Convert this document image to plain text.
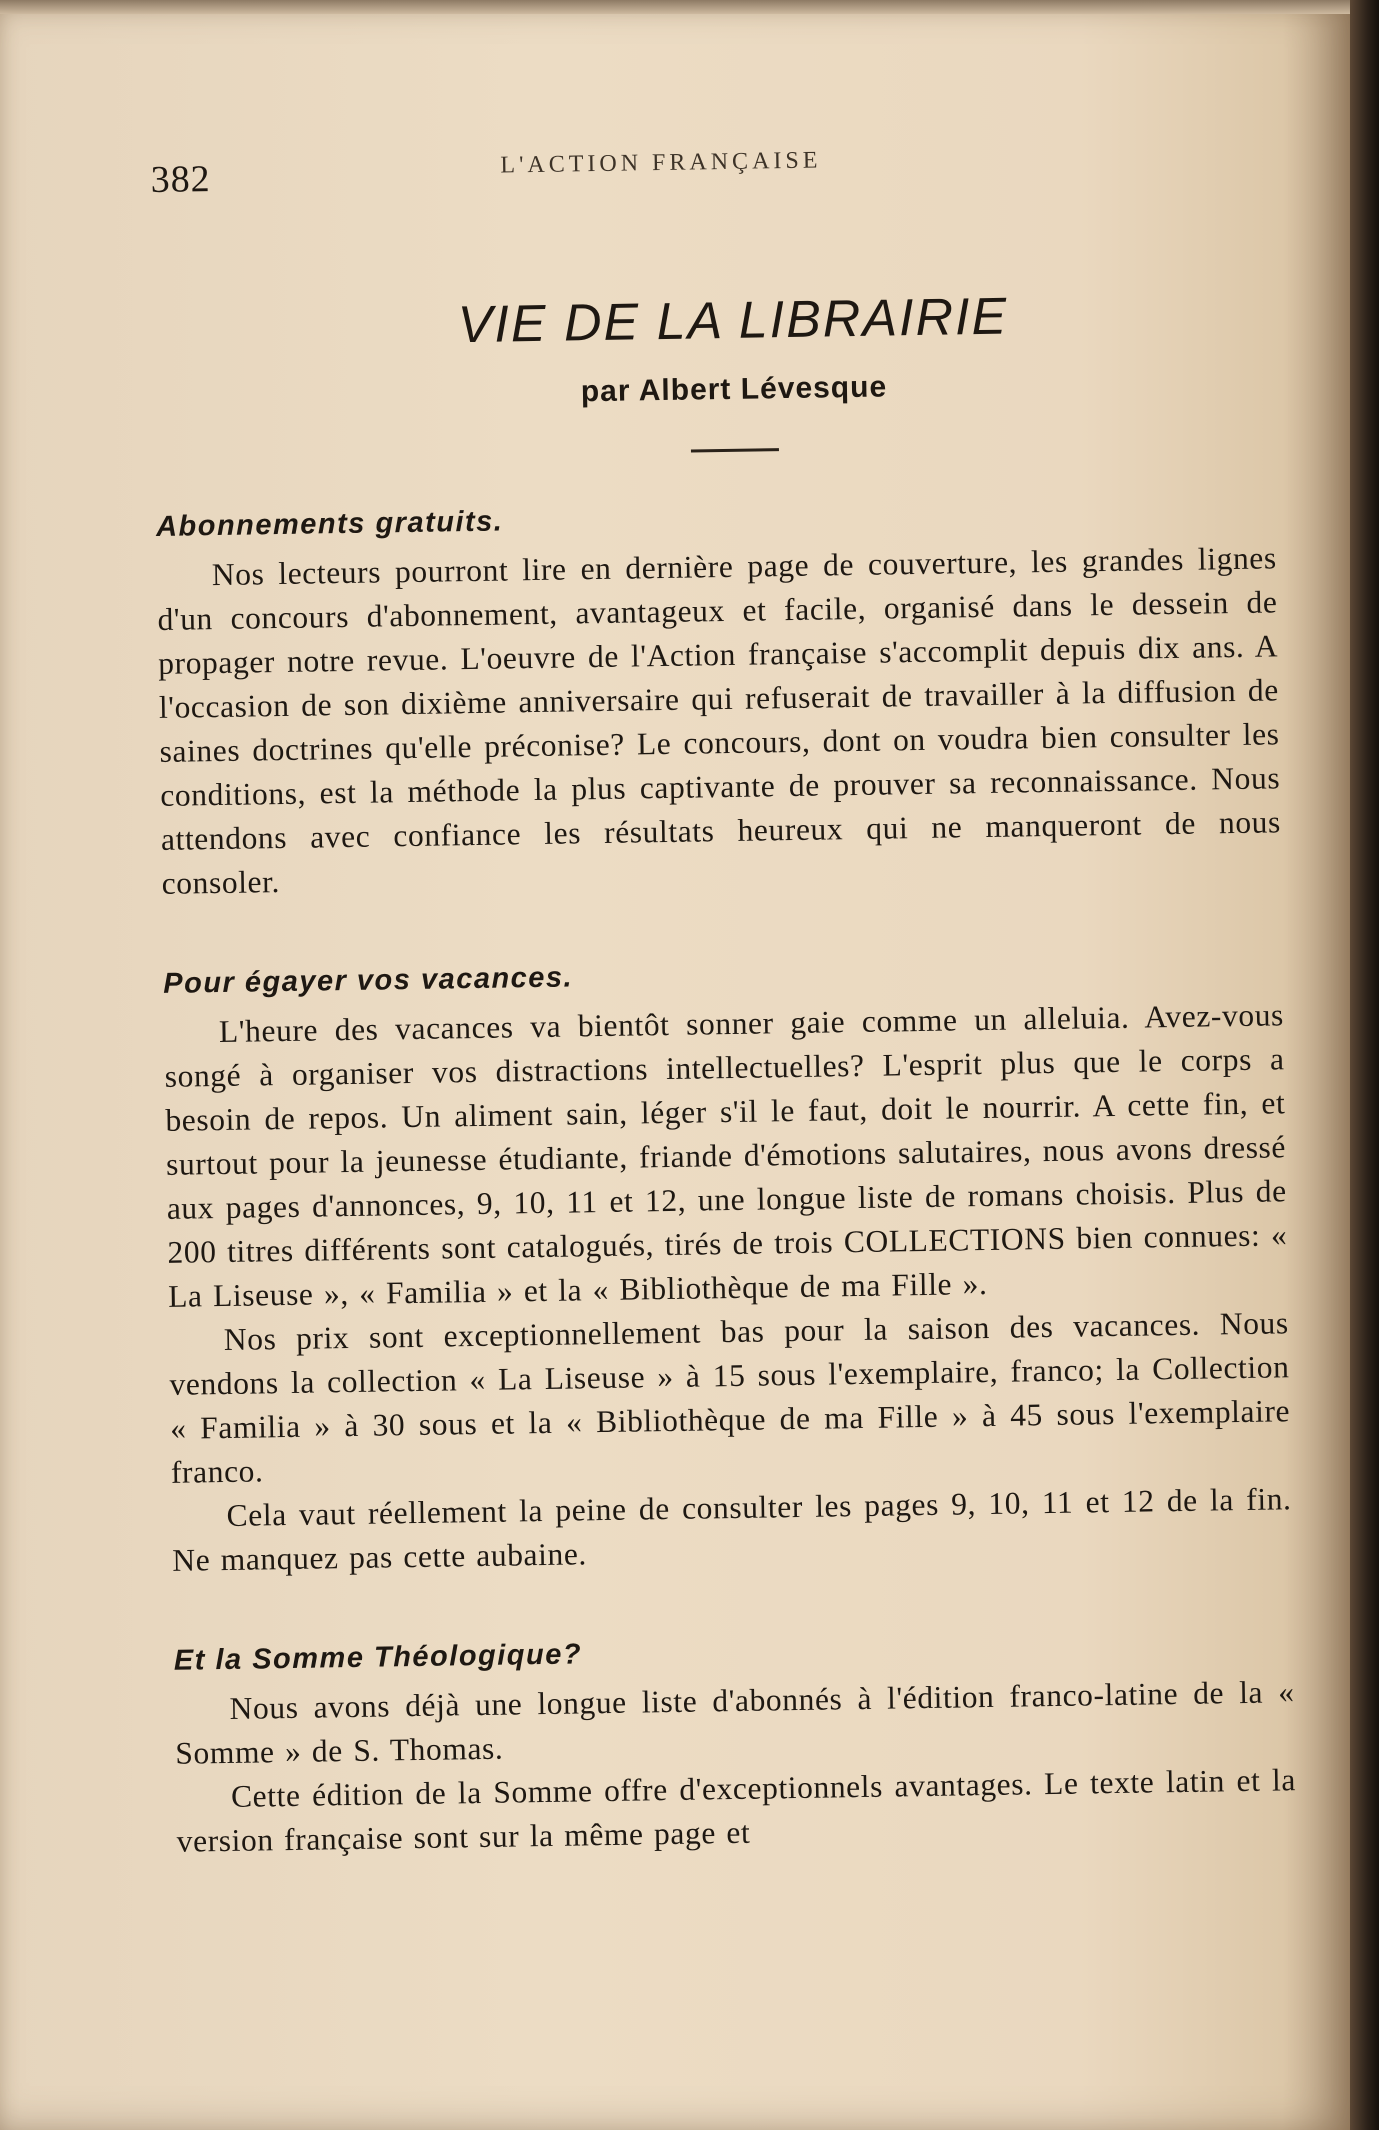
382	L'ACTION FRANÇAISE
VIE DE LA LIBRAIRIE
par Albert Lévesque
Abonnements gratuits.

Nos lecteurs pourront lire en dernière page de couverture, les grandes lignes d'un concours d'abonnement, avantageux et facile, organisé dans le dessein de propager notre revue. L'oeuvre de l'Action française s'accomplit depuis dix ans. A l'occasion de son dixième anniversaire qui refuserait de travailler à la diffusion de saines doctrines qu'elle préconise? Le concours, dont on voudra bien consulter les conditions, est la méthode la plus captivante de prouver sa reconnaissance. Nous attendons avec confiance les résultats heureux qui ne manqueront de nous consoler.

Pour égayer vos vacances.

L'heure des vacances va bientôt sonner gaie comme un alleluia. Avez-vous songé à organiser vos distractions intellectuelles? L'esprit plus que le corps a besoin de repos. Un aliment sain, léger s'il le faut, doit le nourrir. A cette fin, et surtout pour la jeunesse étudiante, friande d'émotions salutaires, nous avons dressé aux pages d'annonces, 9, 10, 11 et 12, une longue liste de romans choisis. Plus de 200 titres différents sont catalogués, tirés de trois COLLECTIONS bien connues: « La Liseuse », « Familia » et la « Bibliothèque de ma Fille ».

Nos prix sont exceptionnellement bas pour la saison des vacances. Nous vendons la collection « La Liseuse » à 15 sous l'exemplaire, franco; la Collection « Familia » à 30 sous et la « Bibliothèque de ma Fille » à 45 sous l'exemplaire franco.

Cela vaut réellement la peine de consulter les pages 9, 10, 11 et 12 de la fin. Ne manquez pas cette aubaine.

Et la Somme Théologique?

Nous avons déjà une longue liste d'abonnés à l'édition franco-latine de la « Somme » de S. Thomas.

Cette édition de la Somme offre d'exceptionnels avantages. Le texte latin et la version française sont sur la même page et
